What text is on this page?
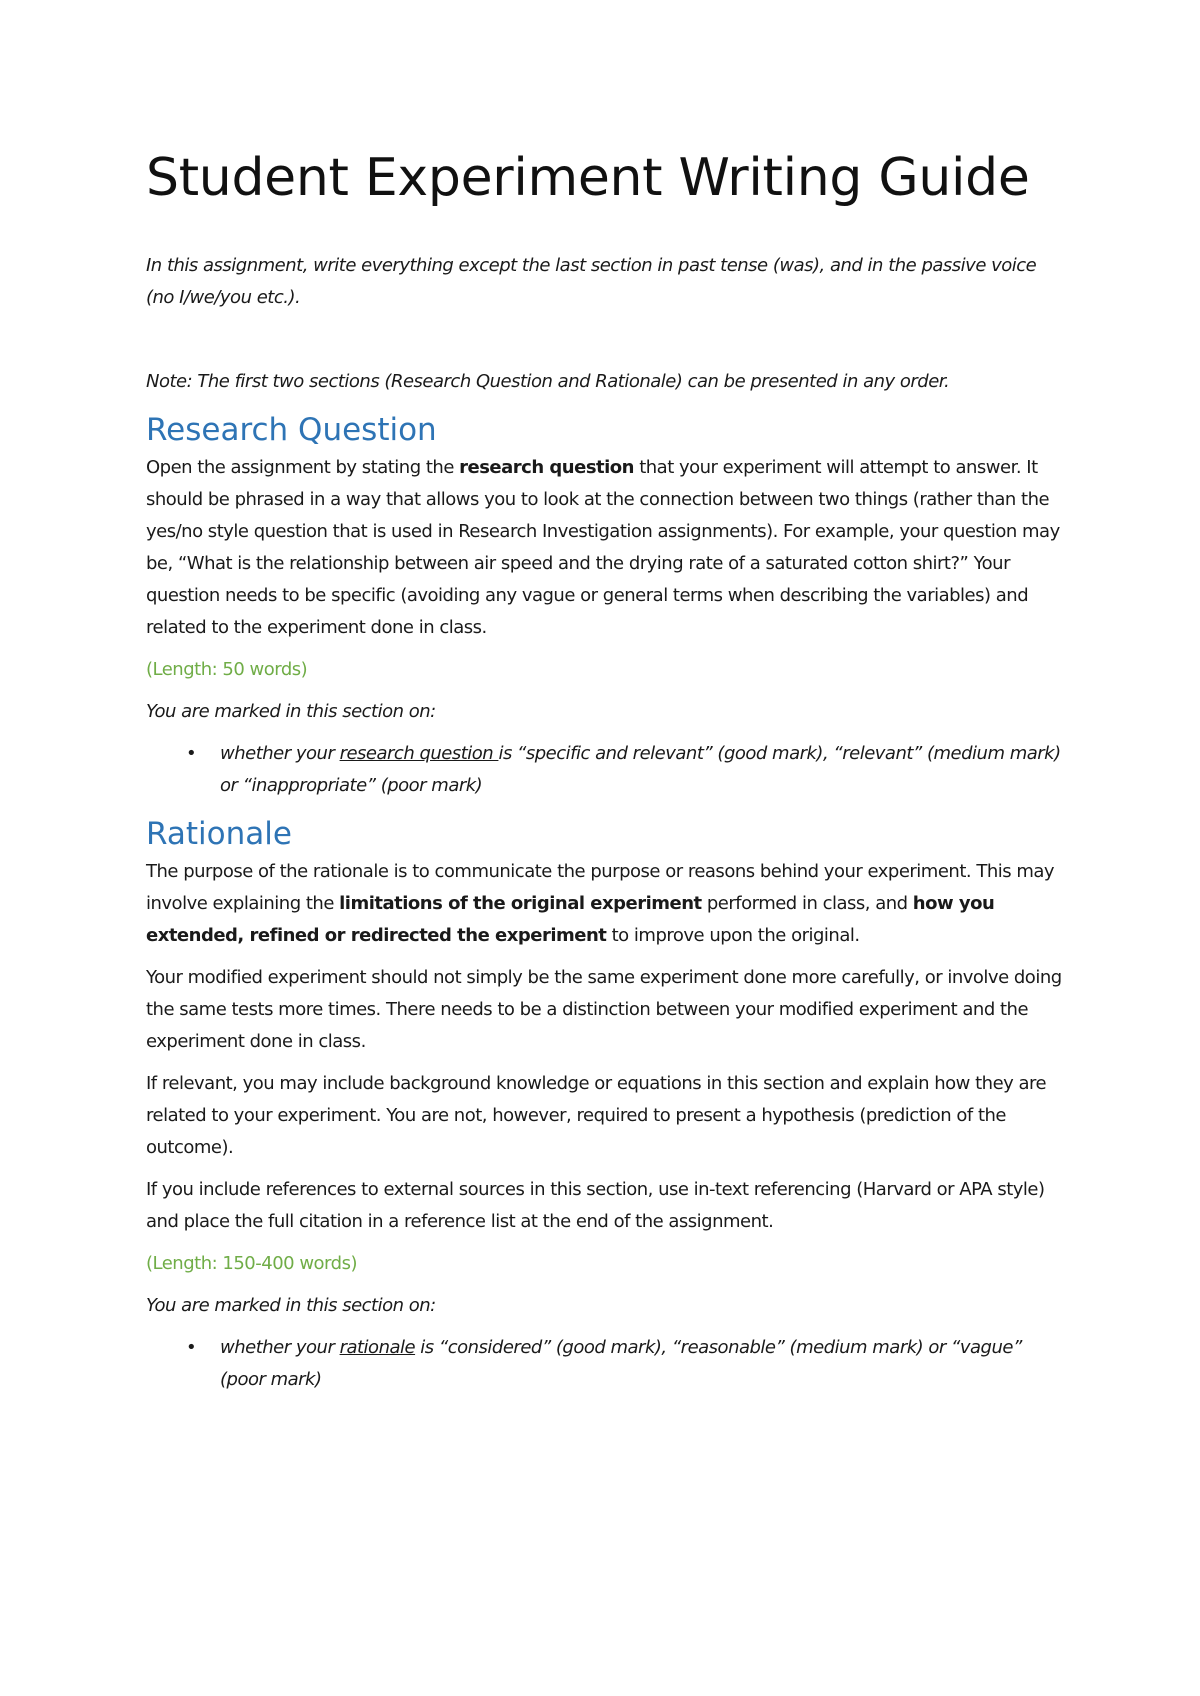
Student Experiment Writing Guide

In this assignment, write everything except the last section in past tense (was), and in the passive voice (no I/we/you etc.).

Note: The first two sections (Research Question and Rationale) can be presented in any order.

Research Question

Open the assignment by stating the research question that your experiment will attempt to answer. It should be phrased in a way that allows you to look at the connection between two things (rather than the yes/no style question that is used in Research Investigation assignments). For example, your question may be, “What is the relationship between air speed and the drying rate of a saturated cotton shirt?” Your question needs to be specific (avoiding any vague or general terms when describing the variables) and related to the experiment done in class.

(Length: 50 words)

You are marked in this section on:

• whether your research question is “specific and relevant” (good mark), “relevant” (medium mark) or “inappropriate” (poor mark)
Rationale

The purpose of the rationale is to communicate the purpose or reasons behind your experiment. This may involve explaining the limitations of the original experiment performed in class, and how you extended, refined or redirected the experiment to improve upon the original.

Your modified experiment should not simply be the same experiment done more carefully, or involve doing the same tests more times. There needs to be a distinction between your modified experiment and the experiment done in class.

If relevant, you may include background knowledge or equations in this section and explain how they are related to your experiment. You are not, however, required to present a hypothesis (prediction of the outcome).

If you include references to external sources in this section, use in-text referencing (Harvard or APA style) and place the full citation in a reference list at the end of the assignment.

(Length: 150-400 words)

You are marked in this section on:

• whether your rationale is “considered” (good mark), “reasonable” (medium mark) or “vague” (poor mark)
